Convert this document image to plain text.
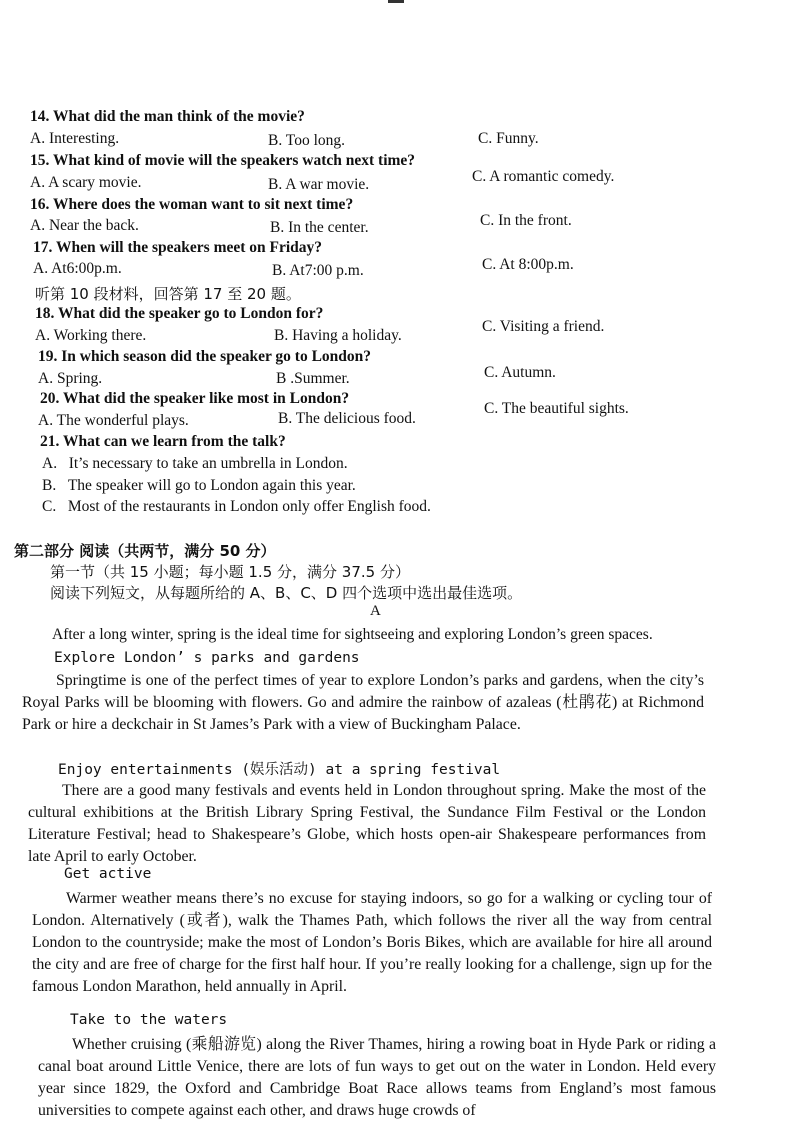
14. What did the man think of the movie?
A. Interesting.	B. Too long.	C. Funny.
15. What kind of movie will the speakers watch next time?
A. A scary movie.	B. A war movie.	C. A romantic comedy.
16. Where does the woman want to sit next time?
A. Near the back.	B. In the center.	C. In the front.
17. When will the speakers meet on Friday?
A. At6:00p.m.	B. At7:00 p.m.	C. At 8:00p.m.
听第 10 段材料，回答第 17 至 20 题。
18. What did the speaker go to London for?
A. Working there.	B. Having a holiday.
C. Visiting a friend.
19. In which season did the speaker go to London?
A. Spring.	B .Summer.	C. Autumn.
20. What did the speaker like most in London?
A. The wonderful plays.	B. The delicious food.
C. The beautiful sights.
21. What can we learn from the talk?
A. It’s necessary to take an umbrella in London.
B. The speaker will go to London again this year.
C. Most of the restaurants in London only offer English food.
第二部分 阅读（共两节，满分 50 分）
第一节（共 15 小题；每小题 1.5 分，满分 37.5 分）
阅读下列短文，从每题所给的 A、B、C、D 四个选项中选出最佳选项。
A
After a long winter, spring is the ideal time for sightseeing and exploring London’s green spaces.
Explore London’ s parks and gardens
Springtime is one of the perfect times of year to explore London’s parks and gardens, when the city’s Royal Parks will be blooming with flowers. Go and admire the rainbow of azaleas (杜鹃花) at Richmond Park or hire a deckchair in St James’s Park with a view of Buckingham Palace.
Enjoy entertainments (娱乐活动) at a spring festival
There are a good many festivals and events held in London throughout spring. Make the most of the cultural exhibitions at the British Library Spring Festival, the Sundance Film Festival or the London Literature Festival; head to Shakespeare’s Globe, which hosts open-air Shakespeare performances from late April to early October.
Get active
Warmer weather means there’s no excuse for staying indoors, so go for a walking or cycling tour of London. Alternatively (或者), walk the Thames Path, which follows the river all the way from central London to the countryside; make the most of London’s Boris Bikes, which are available for hire all around the city and are free of charge for the first half hour. If you’re really looking for a challenge, sign up for the famous London Marathon, held annually in April.
Take to the waters
Whether cruising (乘船游览) along the River Thames, hiring a rowing boat in Hyde Park or riding a canal boat around Little Venice, there are lots of fun ways to get out on the water in London. Held every year since 1829, the Oxford and Cambridge Boat Race allows teams from England’s most famous universities to compete against each other, and draws huge crowds of
